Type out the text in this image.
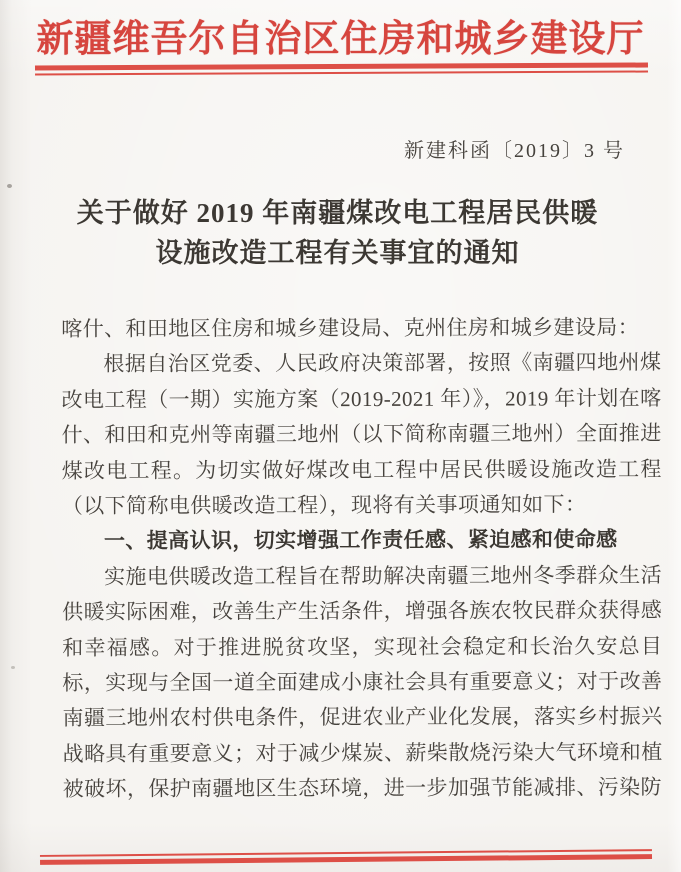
新疆维吾尔自治区住房和城乡建设厅
新建科函〔2019〕3 号
关于做好 2019 年南疆煤改电工程居民供暖
设施改造工程有关事宜的通知

喀什、和田地区住房和城乡建设局、克州住房和城乡建设局：

根据自治区党委、人民政府决策部署，按照《南疆四地州煤改电工程（一期）实施方案（2019-2021 年）》，2019 年计划在喀什、和田和克州等南疆三地州（以下简称南疆三地州）全面推进煤改电工程。为切实做好煤改电工程中居民供暖设施改造工程（以下简称电供暖改造工程），现将有关事项通知如下：

一、提高认识，切实增强工作责任感、紧迫感和使命感

实施电供暖改造工程旨在帮助解决南疆三地州冬季群众生活供暖实际困难，改善生产生活条件，增强各族农牧民群众获得感和幸福感。对于推进脱贫攻坚，实现社会稳定和长治久安总目标，实现与全国一道全面建成小康社会具有重要意义；对于改善南疆三地州农村供电条件，促进农业产业化发展，落实乡村振兴战略具有重要意义；对于减少煤炭、薪柴散烧污染大气环境和植被破坏，保护南疆地区生态环境，进一步加强节能减排、污染防
